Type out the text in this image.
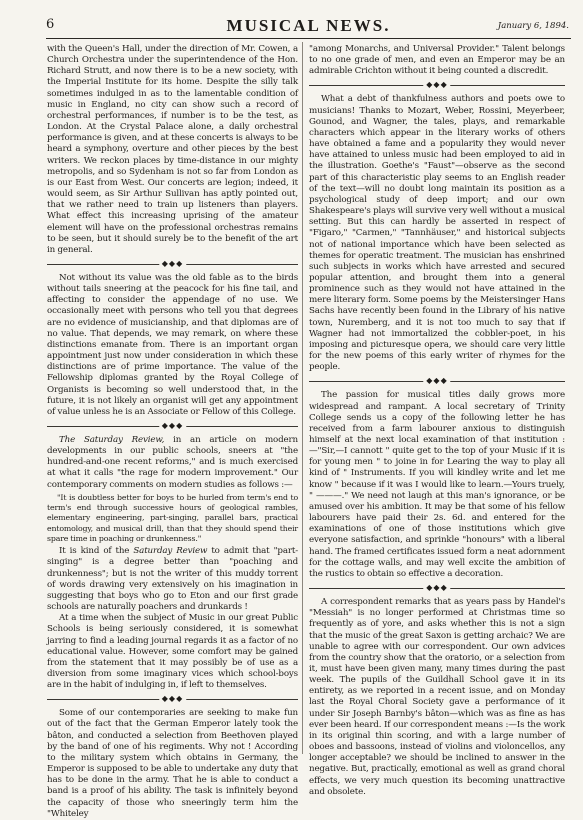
6	MUSICAL NEWS.	January 6, 1894.

with the Queen's Hall, under the direction of Mr. Cowen, a Church Orchestra under the superintendence of the Hon. Richard Strutt, and now there is to be a new society, with the Imperial Institute for its home. Despite the silly talk sometimes indulged in as to the lamentable condition of music in England, no city can show such a record of orchestral performances, if number is to be the test, as London. At the Crystal Palace alone, a daily orchestral performance is given, and at these concerts is always to be heard a symphony, overture and other pieces by the best writers. We reckon places by time-distance in our mighty metropolis, and so Sydenham is not so far from London as is our East from West. Our concerts are legion; indeed, it would seem, as Sir Arthur Sullivan has aptly pointed out, that we rather need to train up listeners than players. What effect this increasing uprising of the amateur element will have on the professional orchestras remains to be seen, but it should surely be to the benefit of the art in general.

◆◆◆

Not without its value was the old fable as to the birds without tails sneering at the peacock for his fine tail, and affecting to consider the appendage of no use. We occasionally meet with persons who tell you that degrees are no evidence of musicianship, and that diplomas are of no value. That depends, we may remark, on where these distinctions emanate from. There is an important organ appointment just now under consideration in which these distinctions are of prime importance. The value of the Fellowship diplomas granted by the Royal College of Organists is becoming so well understood that, in the future, it is not likely an organist will get any appointment of value unless he is an Associate or Fellow of this College.

◆◆◆

The Saturday Review, in an article on modern developments in our public schools, sneers at "the hundred-and-one recent reforms," and is much exercised at what it calls "the rage for modern improvement." Our contemporary comments on modern studies as follows :—

"It is doubtless better for boys to be hurled from term's end to term's end through successive hours of geological rambles, elementary engineering, part-singing, parallel bars, practical entomology, and musical drill, than that they should spend their spare time in poaching or drunkenness."

It is kind of the Saturday Review to admit that "part-singing" is a degree better than "poaching and drunkenness"; but is not the writer of this muddy torrent of words drawing very extensively on his imagination in suggesting that boys who go to Eton and our first grade schools are naturally poachers and drunkards !

At a time when the subject of Music in our great Public Schools is being seriously considered, it is somewhat jarring to find a leading journal regards it as a factor of no educational value. However, some comfort may be gained from the statement that it may possibly be of use as a diversion from some imaginary vices which school-boys are in the habit of indulging in, if left to themselves.

◆◆◆

Some of our contemporaries are seeking to make fun out of the fact that the German Emperor lately took the bâton, and conducted a selection from Beethoven played by the band of one of his regiments. Why not ! According to the military system which obtains in Germany, the Emperor is supposed to be able to undertake any duty that has to be done in the army. That he is able to conduct a band is a proof of his ability. The task is infinitely beyond the capacity of those who sneeringly term him the "Whiteley

"among Monarchs, and Universal Provider." Talent belongs to no one grade of men, and even an Emperor may be an admirable Crichton without it being counted a discredit.

◆◆◆

What a debt of thankfulness authors and poets owe to musicians! Thanks to Mozart, Weber, Rossini, Meyerbeer, Gounod, and Wagner, the tales, plays, and remarkable characters which appear in the literary works of others have obtained a fame and a popularity they would never have attained to unless music had been employed to aid in the illustration. Goethe's "Faust"—observe as the second part of this characteristic play seems to an English reader of the text—will no doubt long maintain its position as a psychological study of deep import; and our own Shakespeare's plays will survive very well without a musical setting. But this can hardly be asserted in respect of "Figaro," "Carmen," "Tannhäuser," and historical subjects not of national importance which have been selected as themes for operatic treatment. The musician has enshrined such subjects in works which have arrested and secured popular attention, and brought them into a general prominence such as they would not have attained in the mere literary form. Some poems by the Meistersinger Hans Sachs have recently been found in the Library of his native town, Nuremberg, and it is not too much to say that if Wagner had not immortalized the cobbler-poet, in his imposing and picturesque opera, we should care very little for the new poems of this early writer of rhymes for the people.

◆◆◆

The passion for musical titles daily grows more widespread and rampant. A local secretary of Trinity College sends us a copy of the following letter he has received from a farm labourer anxious to distinguish himself at the next local examination of that institution :—"Sir,—I cannott " quite get to the top of your Music if it is for young men " to joine in for Learing the way to play all kind of " Instruments. If you will kindley write and let me know " because if it was I would like to learn.—Yours truely, " ———." We need not laugh at this man's ignorance, or be amused over his ambition. It may be that some of his fellow labourers have paid their 2s. 6d. and entered for the examinations of one of those institutions which give everyone satisfaction, and sprinkle "honours" with a liberal hand. The framed certificates issued form a neat adornment for the cottage walls, and may well excite the ambition of the rustics to obtain so effective a decoration.

◆◆◆

A correspondent remarks that as years pass by Handel's "Messiah" is no longer performed at Christmas time so frequently as of yore, and asks whether this is not a sign that the music of the great Saxon is getting archaic? We are unable to agree with our correspondent. Our own advices from the country show that the oratorio, or a selection from it, must have been given many, many times during the past week. The pupils of the Guildhall School gave it in its entirety, as we reported in a recent issue, and on Monday last the Royal Choral Society gave a performance of it under Sir Joseph Barnby's bâton—which was as fine as has ever been heard. If our correspondent means :—Is the work in its original thin scoring, and with a large number of oboes and bassoons, instead of violins and violoncellos, any longer acceptable? we should be inclined to answer in the negative. But, practically, emotional as well as grand choral effects, we very much question its becoming unattractive and obsolete.
